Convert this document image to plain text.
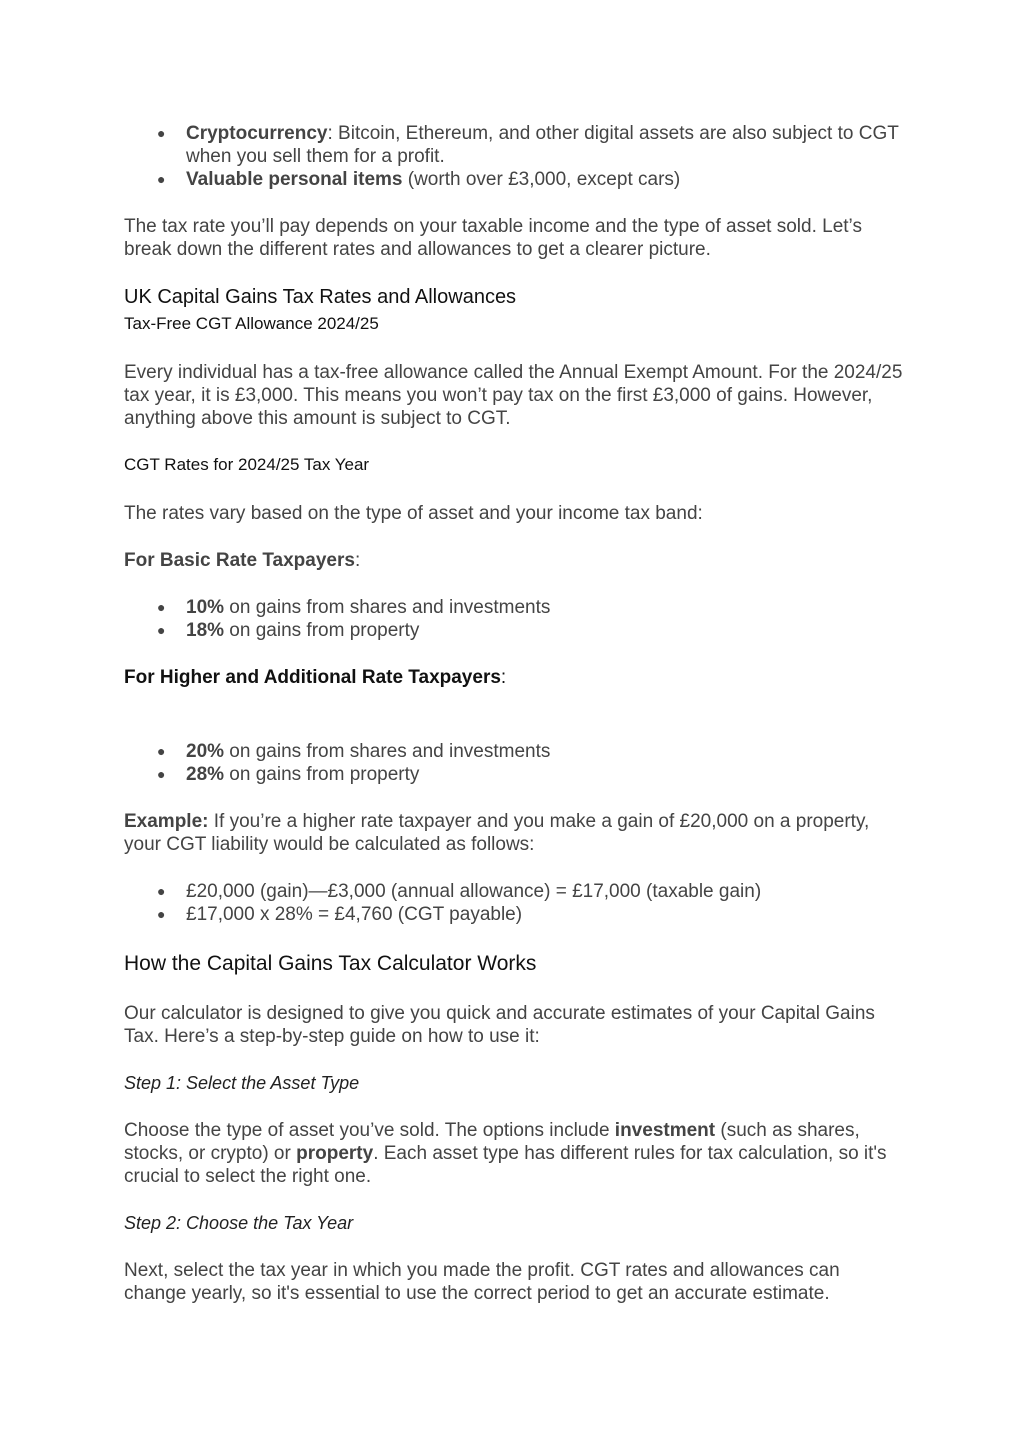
● Cryptocurrency: Bitcoin, Ethereum, and other digital assets are also subject to CGT when you sell them for a profit.
● Valuable personal items (worth over £3,000, except cars)

The tax rate you’ll pay depends on your taxable income and the type of asset sold. Let’s break down the different rates and allowances to get a clearer picture.

UK Capital Gains Tax Rates and Allowances

Tax-Free CGT Allowance 2024/25

Every individual has a tax-free allowance called the Annual Exempt Amount. For the 2024/25 tax year, it is £3,000. This means you won’t pay tax on the first £3,000 of gains. However, anything above this amount is subject to CGT.

CGT Rates for 2024/25 Tax Year

The rates vary based on the type of asset and your income tax band:

For Basic Rate Taxpayers:

● 10% on gains from shares and investments
● 18% on gains from property

For Higher and Additional Rate Taxpayers:

● 20% on gains from shares and investments
● 28% on gains from property

Example: If you’re a higher rate taxpayer and you make a gain of £20,000 on a property, your CGT liability would be calculated as follows:

● £20,000 (gain)—£3,000 (annual allowance) = £17,000 (taxable gain)
● £17,000 x 28% = £4,760 (CGT payable)

How the Capital Gains Tax Calculator Works

Our calculator is designed to give you quick and accurate estimates of your Capital Gains Tax. Here’s a step-by-step guide on how to use it:

Step 1: Select the Asset Type

Choose the type of asset you’ve sold. The options include investment (such as shares, stocks, or crypto) or property. Each asset type has different rules for tax calculation, so it's crucial to select the right one.

Step 2: Choose the Tax Year

Next, select the tax year in which you made the profit. CGT rates and allowances can change yearly, so it's essential to use the correct period to get an accurate estimate.
